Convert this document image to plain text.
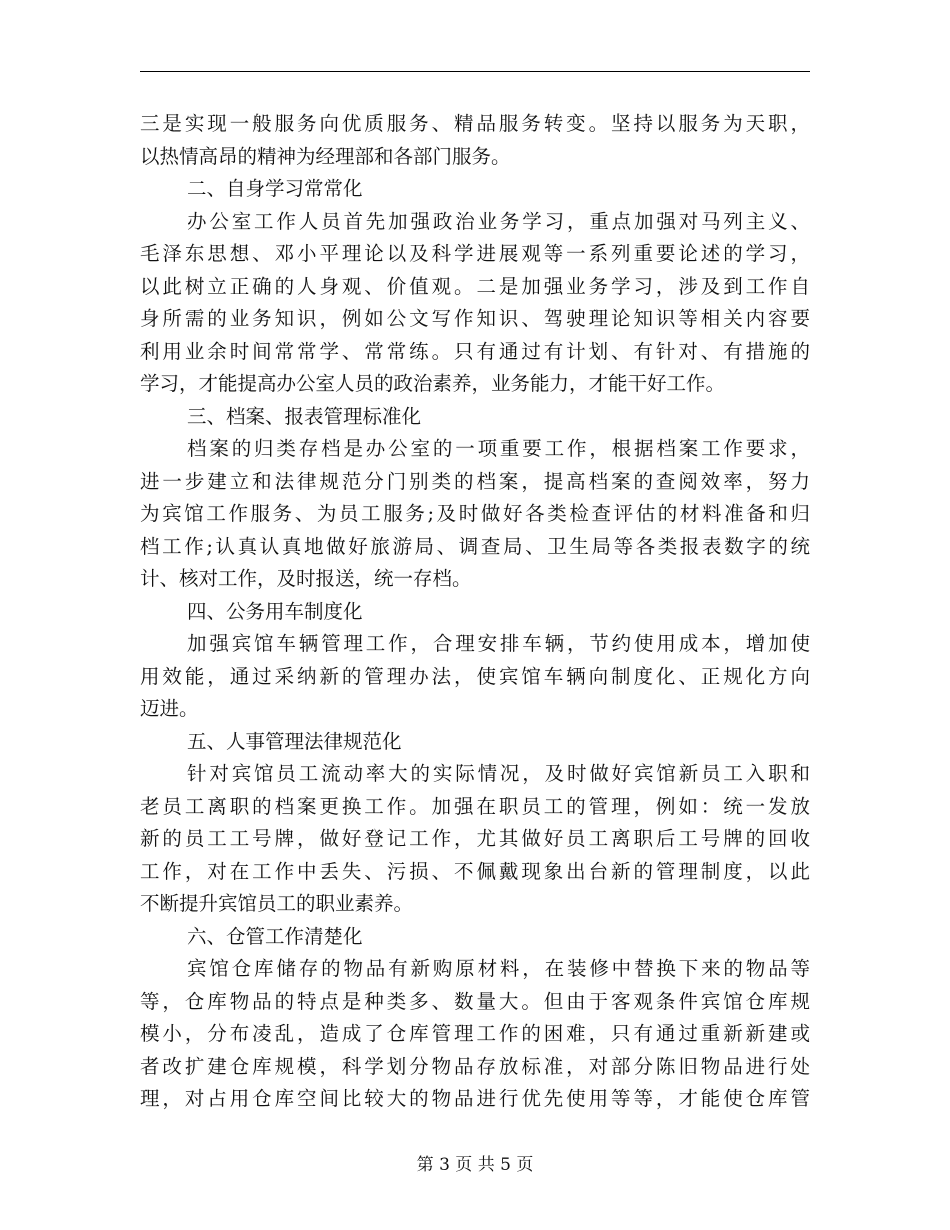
三是实现一般服务向优质服务、精品服务转变。坚持以服务为天职，
以热情高昂的精神为经理部和各部门服务。
二、自身学习常常化
办公室工作人员首先加强政治业务学习，重点加强对马列主义、
毛泽东思想、邓小平理论以及科学进展观等一系列重要论述的学习，
以此树立正确的人身观、价值观。二是加强业务学习，涉及到工作自
身所需的业务知识，例如公文写作知识、驾驶理论知识等相关内容要
利用业余时间常常学、常常练。只有通过有计划、有针对、有措施的
学习，才能提高办公室人员的政治素养，业务能力，才能干好工作。
三、档案、报表管理标准化
档案的归类存档是办公室的一项重要工作，根据档案工作要求，
进一步建立和法律规范分门别类的档案，提高档案的查阅效率，努力
为宾馆工作服务、为员工服务;及时做好各类检查评估的材料准备和归
档工作;认真认真地做好旅游局、调查局、卫生局等各类报表数字的统
计、核对工作，及时报送，统一存档。
四、公务用车制度化
加强宾馆车辆管理工作，合理安排车辆，节约使用成本，增加使
用效能，通过采纳新的管理办法，使宾馆车辆向制度化、正规化方向
迈进。
五、人事管理法律规范化
针对宾馆员工流动率大的实际情况，及时做好宾馆新员工入职和
老员工离职的档案更换工作。加强在职员工的管理，例如：统一发放
新的员工工号牌，做好登记工作，尤其做好员工离职后工号牌的回收
工作，对在工作中丢失、污损、不佩戴现象出台新的管理制度，以此
不断提升宾馆员工的职业素养。
六、仓管工作清楚化
宾馆仓库储存的物品有新购原材料，在装修中替换下来的物品等
等，仓库物品的特点是种类多、数量大。但由于客观条件宾馆仓库规
模小，分布凌乱，造成了仓库管理工作的困难，只有通过重新新建或
者改扩建仓库规模，科学划分物品存放标准，对部分陈旧物品进行处
理，对占用仓库空间比较大的物品进行优先使用等等，才能使仓库管
第 3 页 共 5 页
